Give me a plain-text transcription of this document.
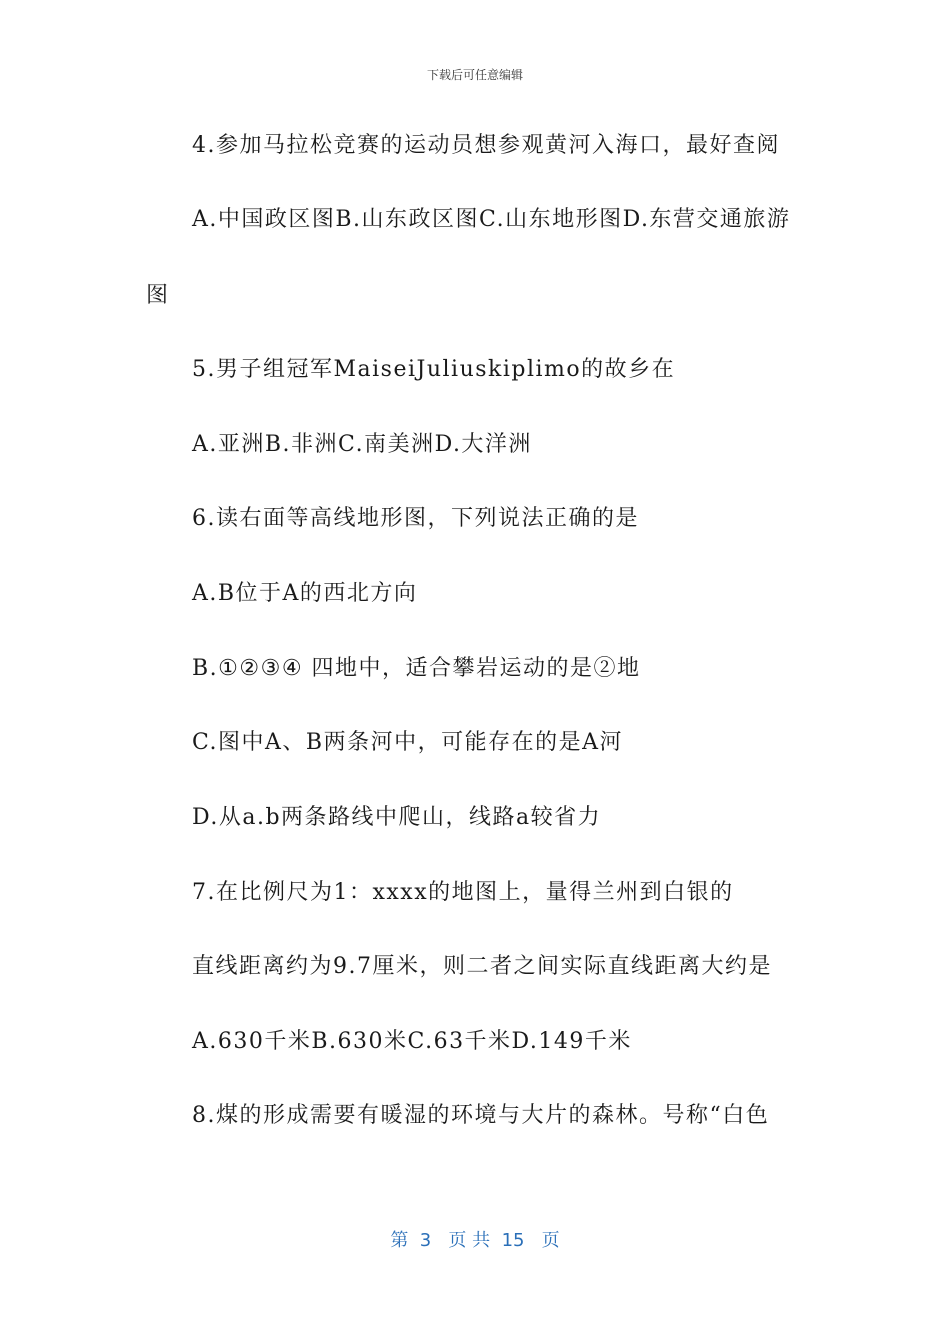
下载后可任意编辑
4.参加马拉松竞赛的运动员想参观黄河入海口，最好查阅
A.中国政区图B.山东政区图C.山东地形图D.东营交通旅游
图
5.男子组冠军MaiseiJuliuskiplimo的故乡在
A.亚洲B.非洲C.南美洲D.大洋洲
6.读右面等高线地形图，下列说法正确的是
A.B位于A的西北方向
B.①②③④ 四地中，适合攀岩运动的是②地
C.图中A、B两条河中，可能存在的是A河
D.从a.b两条路线中爬山，线路a较省力
7.在比例尺为1：xxxx的地图上，量得兰州到白银的
直线距离约为9.7厘米，则二者之间实际直线距离大约是
A.630千米B.630米C.63千米D.149千米
8.煤的形成需要有暖湿的环境与大片的森林。号称“白色
第  3   页 共  15   页
